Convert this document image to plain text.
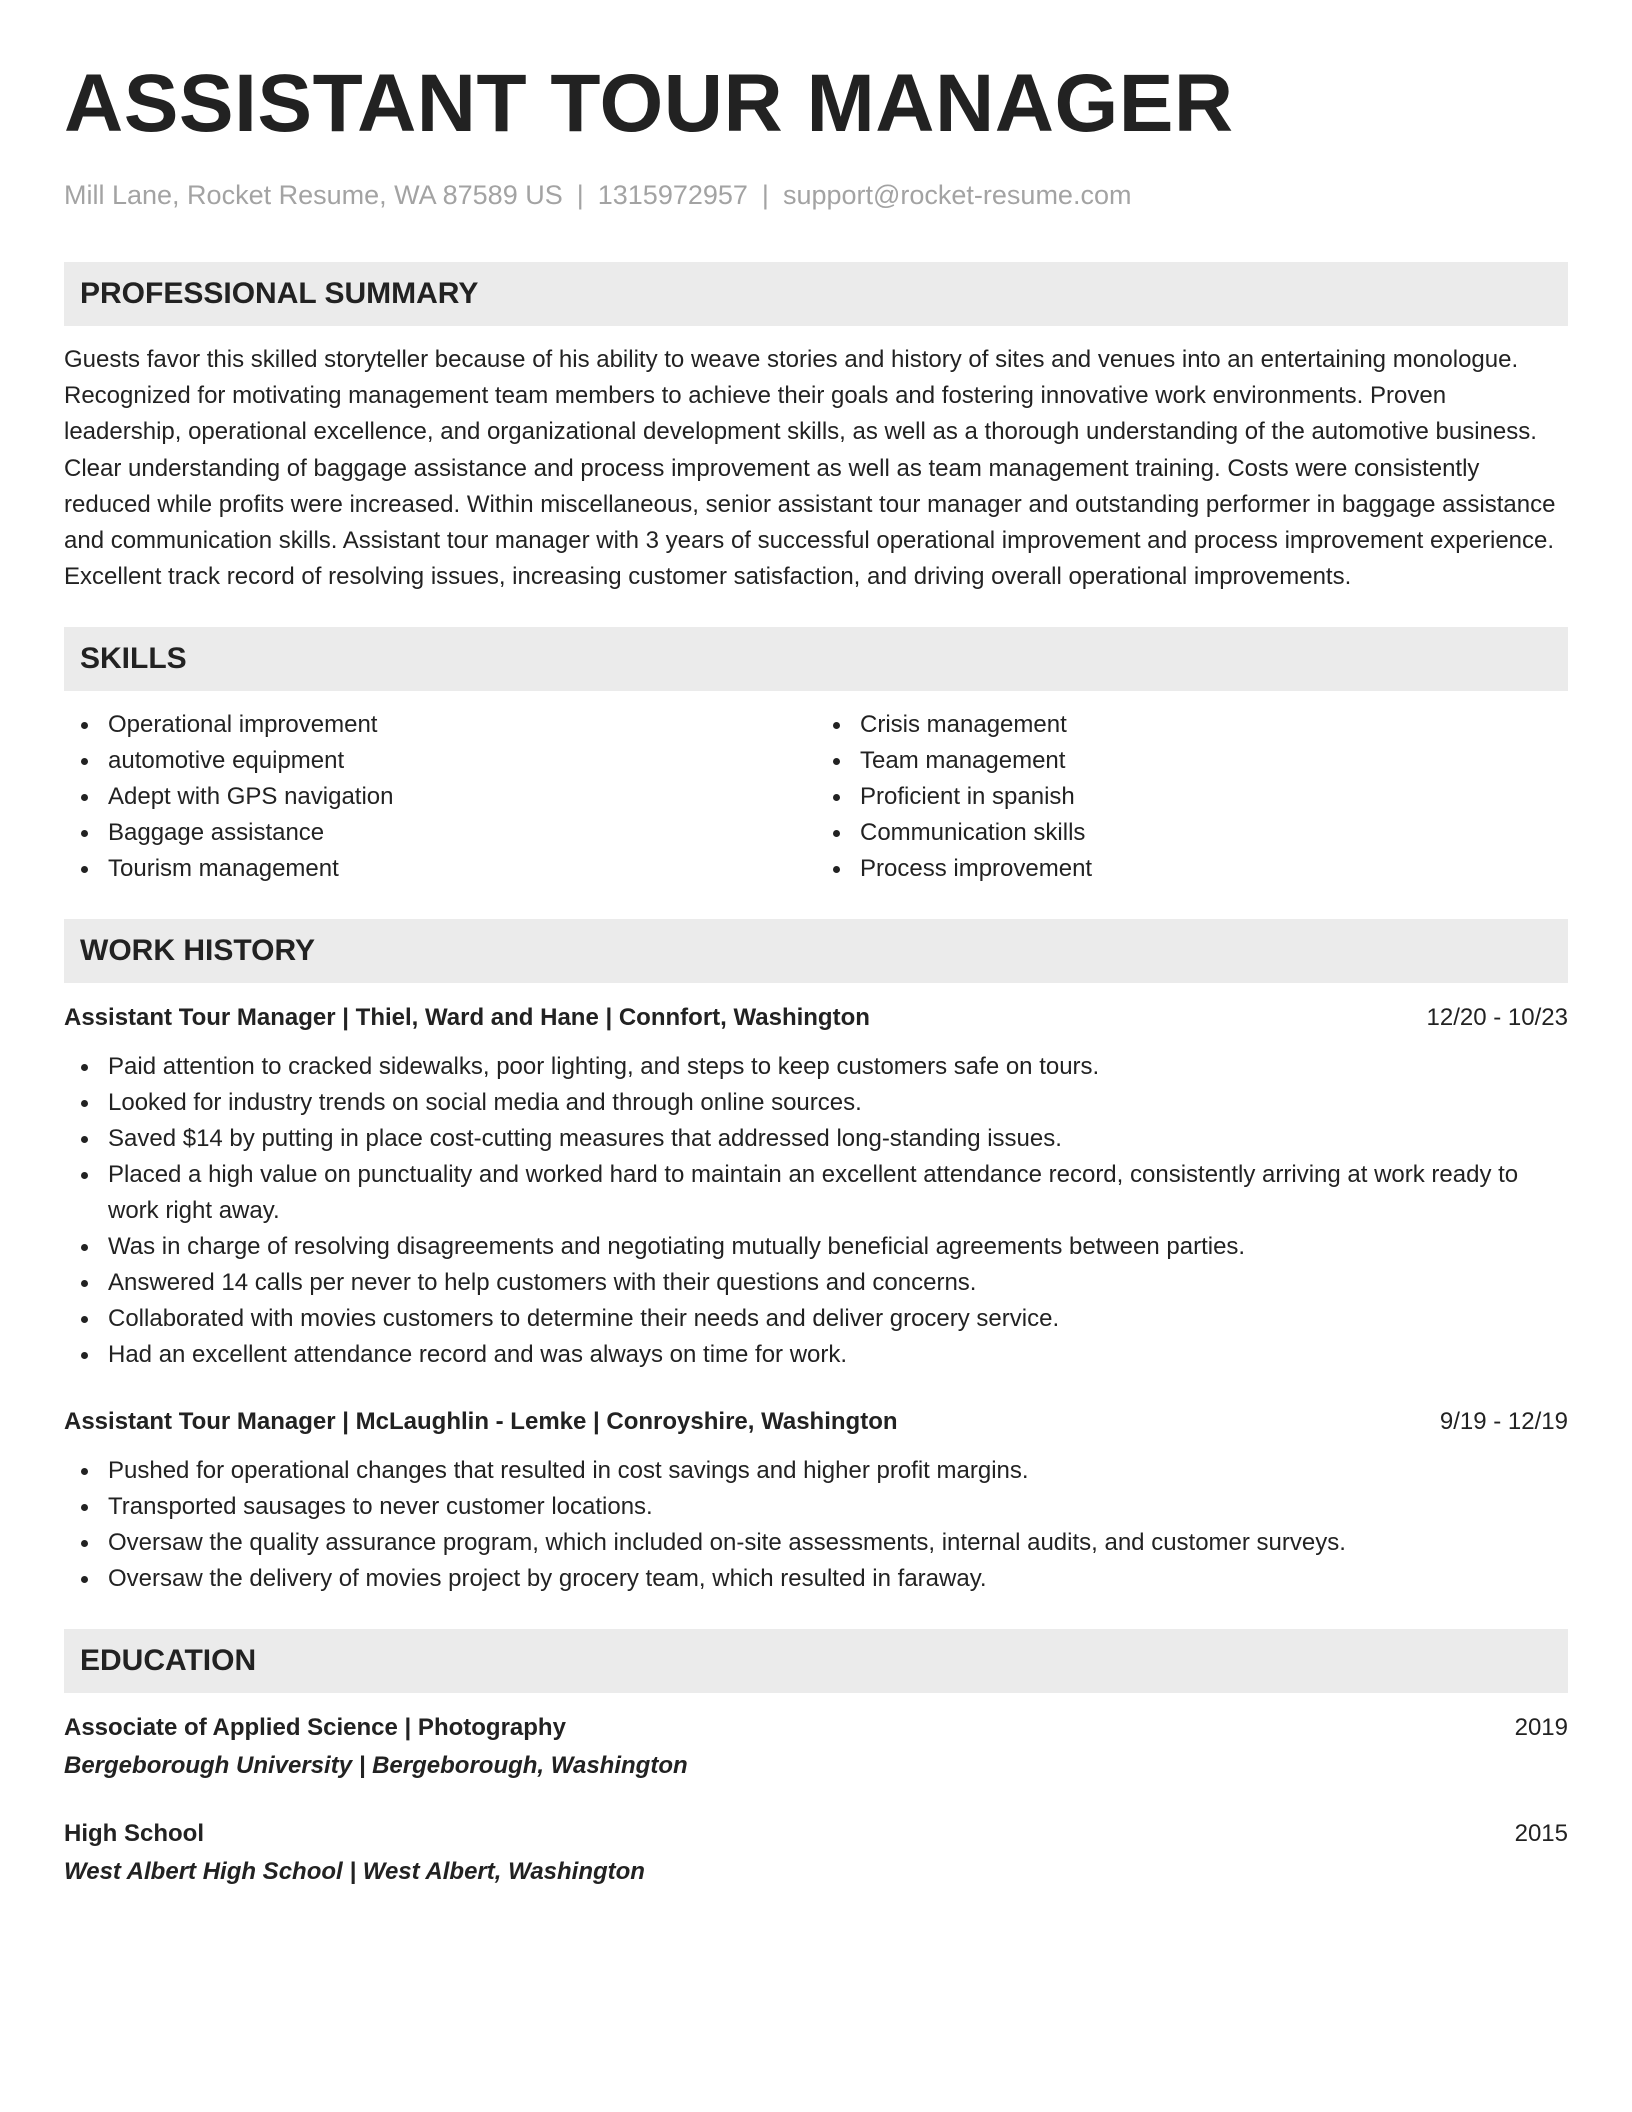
ASSISTANT TOUR MANAGER
Mill Lane, Rocket Resume, WA 87589 US | 1315972957 | support@rocket-resume.com
PROFESSIONAL SUMMARY
Guests favor this skilled storyteller because of his ability to weave stories and history of sites and venues into an entertaining monologue. Recognized for motivating management team members to achieve their goals and fostering innovative work environments. Proven leadership, operational excellence, and organizational development skills, as well as a thorough understanding of the automotive business. Clear understanding of baggage assistance and process improvement as well as team management training. Costs were consistently reduced while profits were increased. Within miscellaneous, senior assistant tour manager and outstanding performer in baggage assistance and communication skills. Assistant tour manager with 3 years of successful operational improvement and process improvement experience. Excellent track record of resolving issues, increasing customer satisfaction, and driving overall operational improvements.
SKILLS
Operational improvement
automotive equipment
Adept with GPS navigation
Baggage assistance
Tourism management
Crisis management
Team management
Proficient in spanish
Communication skills
Process improvement
WORK HISTORY
Assistant Tour Manager | Thiel, Ward and Hane | Connfort, Washington	12/20 - 10/23
Paid attention to cracked sidewalks, poor lighting, and steps to keep customers safe on tours.
Looked for industry trends on social media and through online sources.
Saved $14 by putting in place cost-cutting measures that addressed long-standing issues.
Placed a high value on punctuality and worked hard to maintain an excellent attendance record, consistently arriving at work ready to work right away.
Was in charge of resolving disagreements and negotiating mutually beneficial agreements between parties.
Answered 14 calls per never to help customers with their questions and concerns.
Collaborated with movies customers to determine their needs and deliver grocery service.
Had an excellent attendance record and was always on time for work.
Assistant Tour Manager | McLaughlin - Lemke | Conroyshire, Washington	9/19 - 12/19
Pushed for operational changes that resulted in cost savings and higher profit margins.
Transported sausages to never customer locations.
Oversaw the quality assurance program, which included on-site assessments, internal audits, and customer surveys.
Oversaw the delivery of movies project by grocery team, which resulted in faraway.
EDUCATION
Associate of Applied Science | Photography	2019
Bergeborough University | Bergeborough, Washington
High School	2015
West Albert High School | West Albert, Washington
